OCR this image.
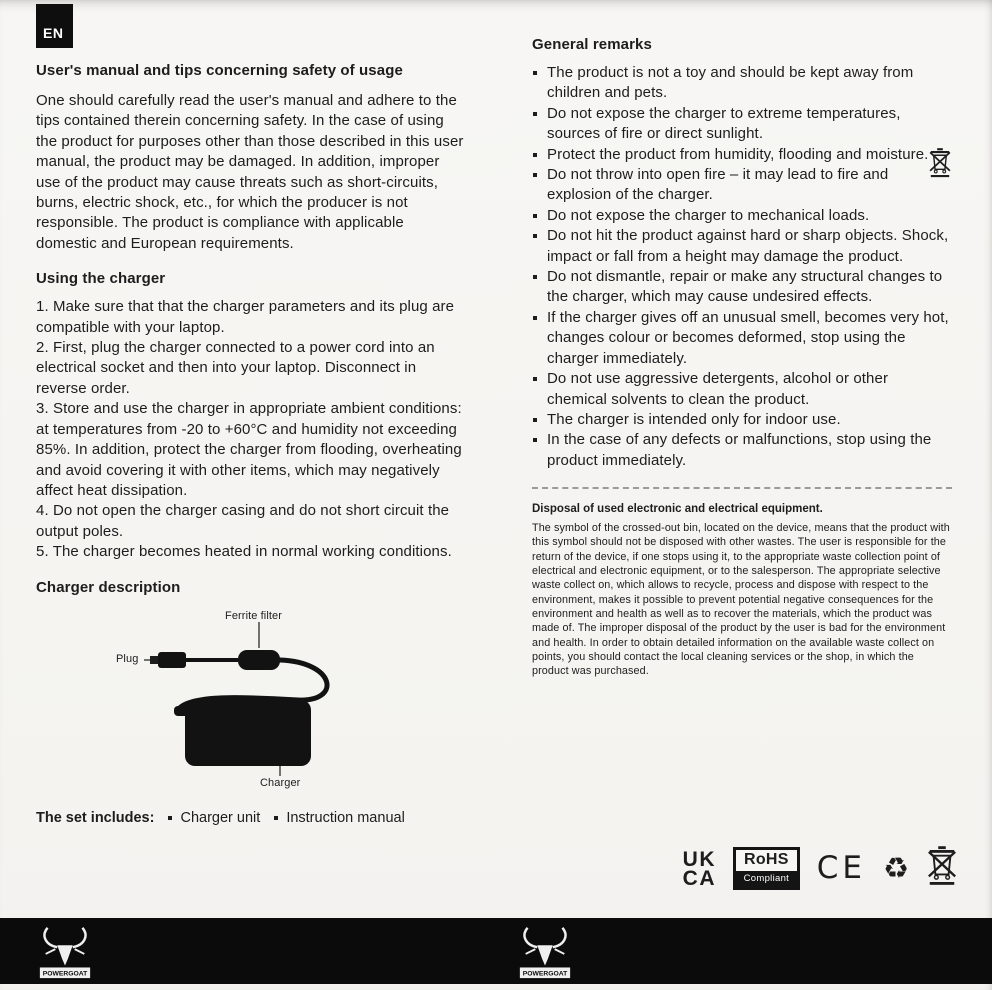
EN

User's manual and tips concerning safety of usage

One should carefully read the user's manual and adhere to the tips contained therein concerning safety. In the case of using the product for purposes other than those described in this user manual, the product may be damaged. In addition, improper use of the product may cause threats such as short-circuits, burns, electric shock, etc., for which the producer is not responsible. The product is compliance with applicable domestic and European requirements.

Using the charger

1. Make sure that that the charger parameters and its plug are compatible with your laptop.

2. First, plug the charger connected to a power cord into an electrical socket and then into your laptop. Disconnect in reverse order.

3. Store and use the charger in appropriate ambient conditions: at temperatures from -20 to +60°C and humidity not exceeding 85%. In addition, protect the charger from flooding, overheating and avoid covering it with other items, which may negatively affect heat dissipation.

4. Do not open the charger casing and do not short circuit the output poles.

5. The charger becomes heated in normal working conditions.

Charger description

Ferrite filter
Plug
Charger

The set includes: Charger unit Instruction manual

General remarks

The product is not a toy and should be kept away from children and pets.
Do not expose the charger to extreme temperatures, sources of fire or direct sunlight.
Protect the product from humidity, flooding and moisture.
Do not throw into open fire – it may lead to fire and explosion of the charger.
Do not expose the charger to mechanical loads.
Do not hit the product against hard or sharp objects. Shock, impact or fall from a height may damage the product.
Do not dismantle, repair or make any structural changes to the charger, which may cause undesired effects.
If the charger gives off an unusual smell, becomes very hot, changes colour or becomes deformed, stop using the charger immediately.
Do not use aggressive detergents, alcohol or other chemical solvents to clean the product.
The charger is intended only for indoor use.
In the case of any defects or malfunctions, stop using the product immediately.

Disposal of used electronic and electrical equipment.

The symbol of the crossed-out bin, located on the device, means that the product with this symbol should not be disposed with other wastes. The user is responsible for the return of the device, if one stops using it, to the appropriate waste collection point of electrical and electronic equipment, or to the salesperson. The appropriate selective waste collect on, which allows to recycle, process and dispose with respect to the environment, makes it possible to prevent potential negative consequences for the environment and health as well as to recover the materials, which the product was made of. The improper disposal of the product by the user is bad for the environment and health. In order to obtain detailed information on the available waste collect on points, you should contact the local cleaning services or the shop, in which the product was purchased.

UK
CA
RoHS
Compliant CE ♻
POWERGOAT	POWERGOAT
